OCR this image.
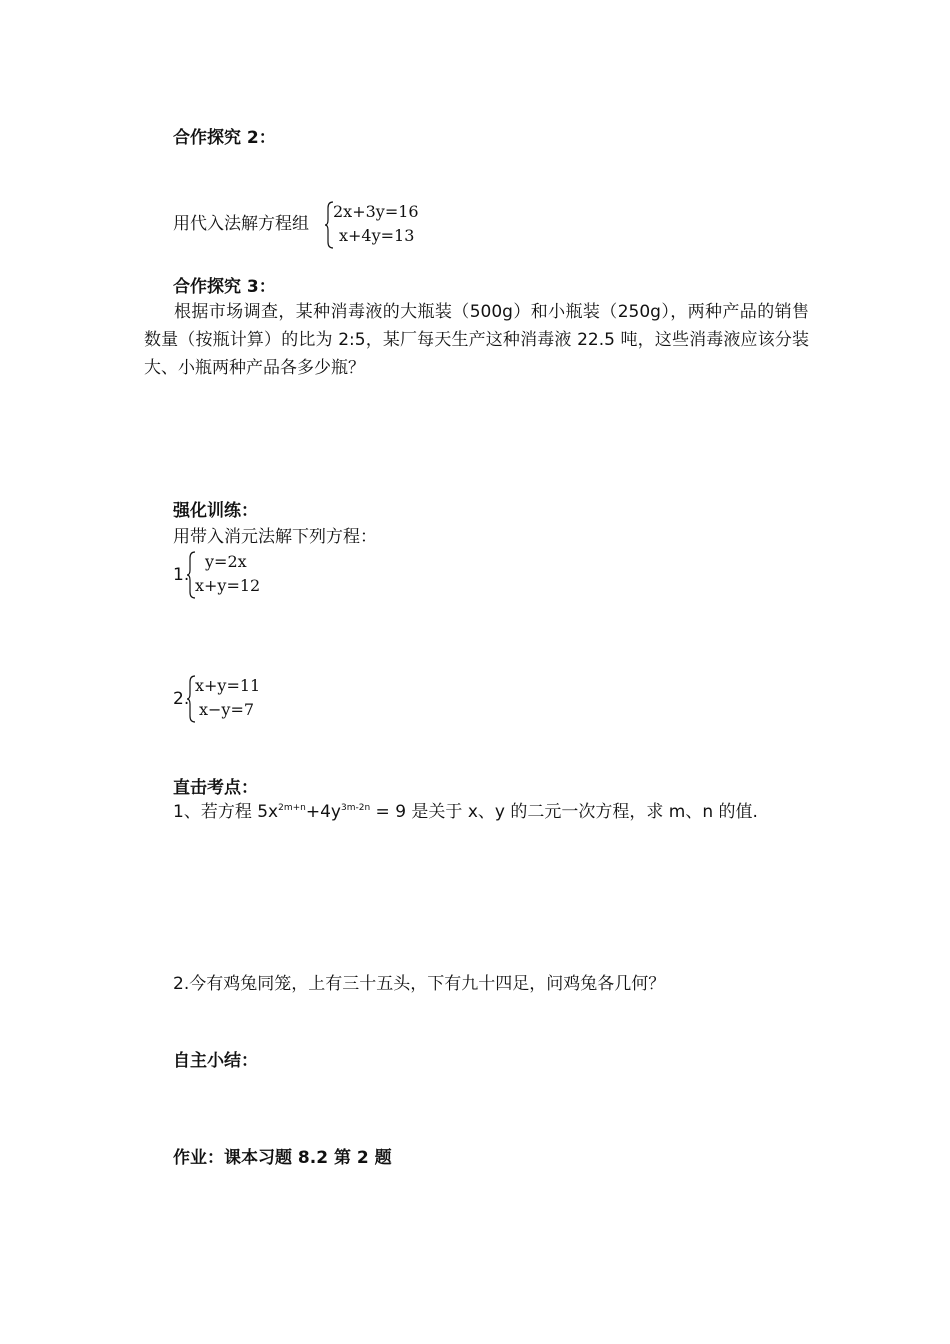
合作探究 2：
用代入法解方程组
2x+3y=16
x+4y=13
合作探究 3：
根据市场调查，某种消毒液的大瓶装（500g）和小瓶装（250g），两种产品的销售数量（按瓶计算）的比为 2:5，某厂每天生产这种消毒液 22.5 吨，这些消毒液应该分装大、小瓶两种产品各多少瓶？
强化训练：
用带入消元法解下列方程：
1.
y=2x
x+y=12
2.
x+y=11
x−y=7
直击考点：
1、若方程 $5x^{2m+n}+4y^{3m-2n} = 9$ 是关于 x、y 的二元一次方程，求 m、n 的值.
2.今有鸡兔同笼，上有三十五头，下有九十四足，问鸡兔各几何？
自主小结：
作业：课本习题 8.2 第 2 题
